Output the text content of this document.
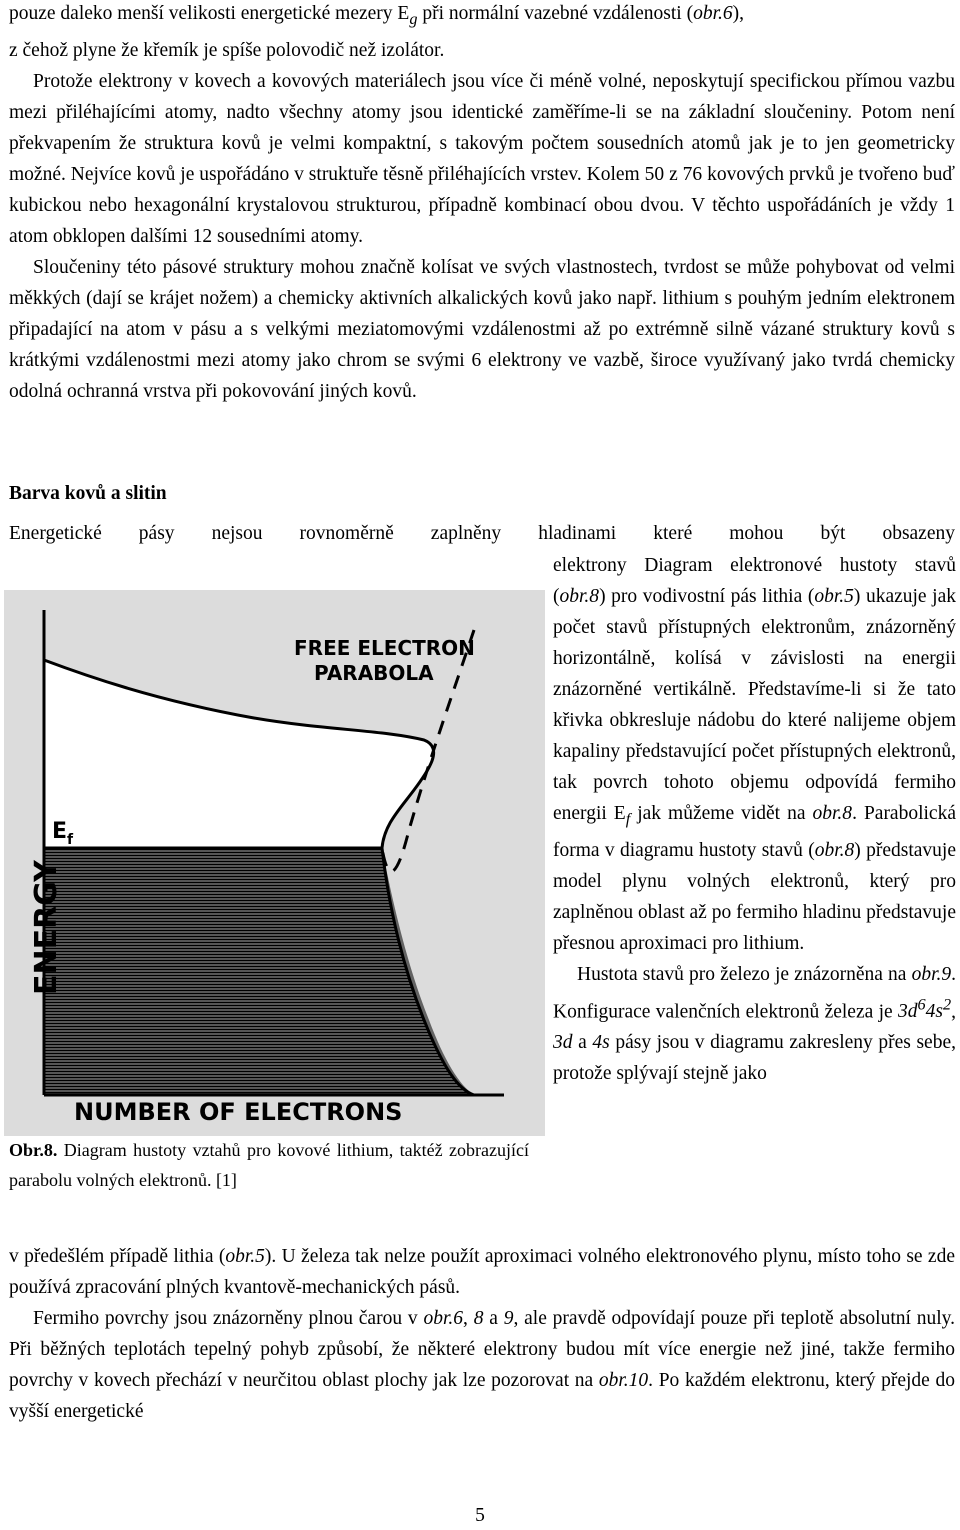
pouze daleko menší velikosti energetické mezery $E_g$ při normální vazebné vzdálenosti (obr.6),
z čehož plyne že křemík je spíše polovodič než izolátor.

Protože elektrony v kovech a kovových materiálech jsou více či méně volné, neposkytují specifickou přímou vazbu mezi přiléhajícími atomy, nadto všechny atomy jsou identické zaměříme-li se na základní sloučeniny. Potom není překvapením že struktura kovů je velmi kompaktní, s takovým počtem sousedních atomů jak je to jen geometricky možné. Nejvíce kovů je uspořádáno v struktuře těsně přiléhajících vrstev. Kolem 50 z 76 kovových prvků je tvořeno buď kubickou nebo hexagonální krystalovou strukturou, případně kombinací obou dvou. V těchto uspořádáních je vždy 1 atom obklopen dalšími 12 sousedními atomy.

Sloučeniny této pásové struktury mohou značně kolísat ve svých vlastnostech, tvrdost se může pohybovat od velmi měkkých (dají se krájet nožem) a chemicky aktivních alkalických kovů jako např. lithium s pouhým jedním elektronem připadající na atom v pásu a s velkými meziatomovými vzdálenostmi až po extrémně silně vázané struktury kovů s krátkými vzdálenostmi mezi atomy jako chrom se svými 6 elektrony ve vazbě, široce využívaný jako tvrdá chemicky odolná ochranná vrstva při pokovování jiných kovů.

Barva kovů a slitin
Energetické pásy nejsou rovnoměrně zaplněny hladinami které mohou být obsazeny

elektrony Diagram elektronové hustoty stavů (obr.8) pro vodivostní pás lithia (obr.5) ukazuje jak počet stavů přístupných elektronům, znázorněný horizontálně, kolísá v závislosti na energii znázorněné vertikálně. Představíme-li si že tato křivka obkresluje nádobu do které nalijeme objem kapaliny představující počet přístupných elektronů, tak povrch tohoto objemu odpovídá fermiho energii $E_f$ jak můžeme vidět na obr.8. Parabolická forma v diagramu hustoty stavů (obr.8) představuje model plynu volných elektronů, který pro zaplněnou oblast až po fermiho hladinu představuje přesnou aproximaci pro lithium.

Hustota stavů pro železo je znázorněna na obr.9. Konfigurace valenčních elektronů železa je $3d^64s^2$, 3d a 4s pásy jsou v diagramu zakresleny přes sebe, protože splývají stejně jako

FREE ELECTRON
PARABOLA
$E_f$
ENERGY
NUMBER OF ELECTRONS
Obr.8. Diagram hustoty vztahů pro kovové lithium, taktéž zobrazující parabolu volných elektronů. [1]

v předešlém případě lithia (obr.5). U železa tak nelze použít aproximaci volného elektronového plynu, místo toho se zde používá zpracování plných kvantově-mechanických pásů.

Fermiho povrchy jsou znázorněny plnou čarou v obr.6, 8 a 9, ale pravdě odpovídají pouze při teplotě absolutní nuly. Při běžných teplotách tepelný pohyb způsobí, že některé elektrony budou mít více energie než jiné, takže fermiho povrchy v kovech přechází v neurčitou oblast plochy jak lze pozorovat na obr.10. Po každém elektronu, který přejde do vyšší energetické

5
